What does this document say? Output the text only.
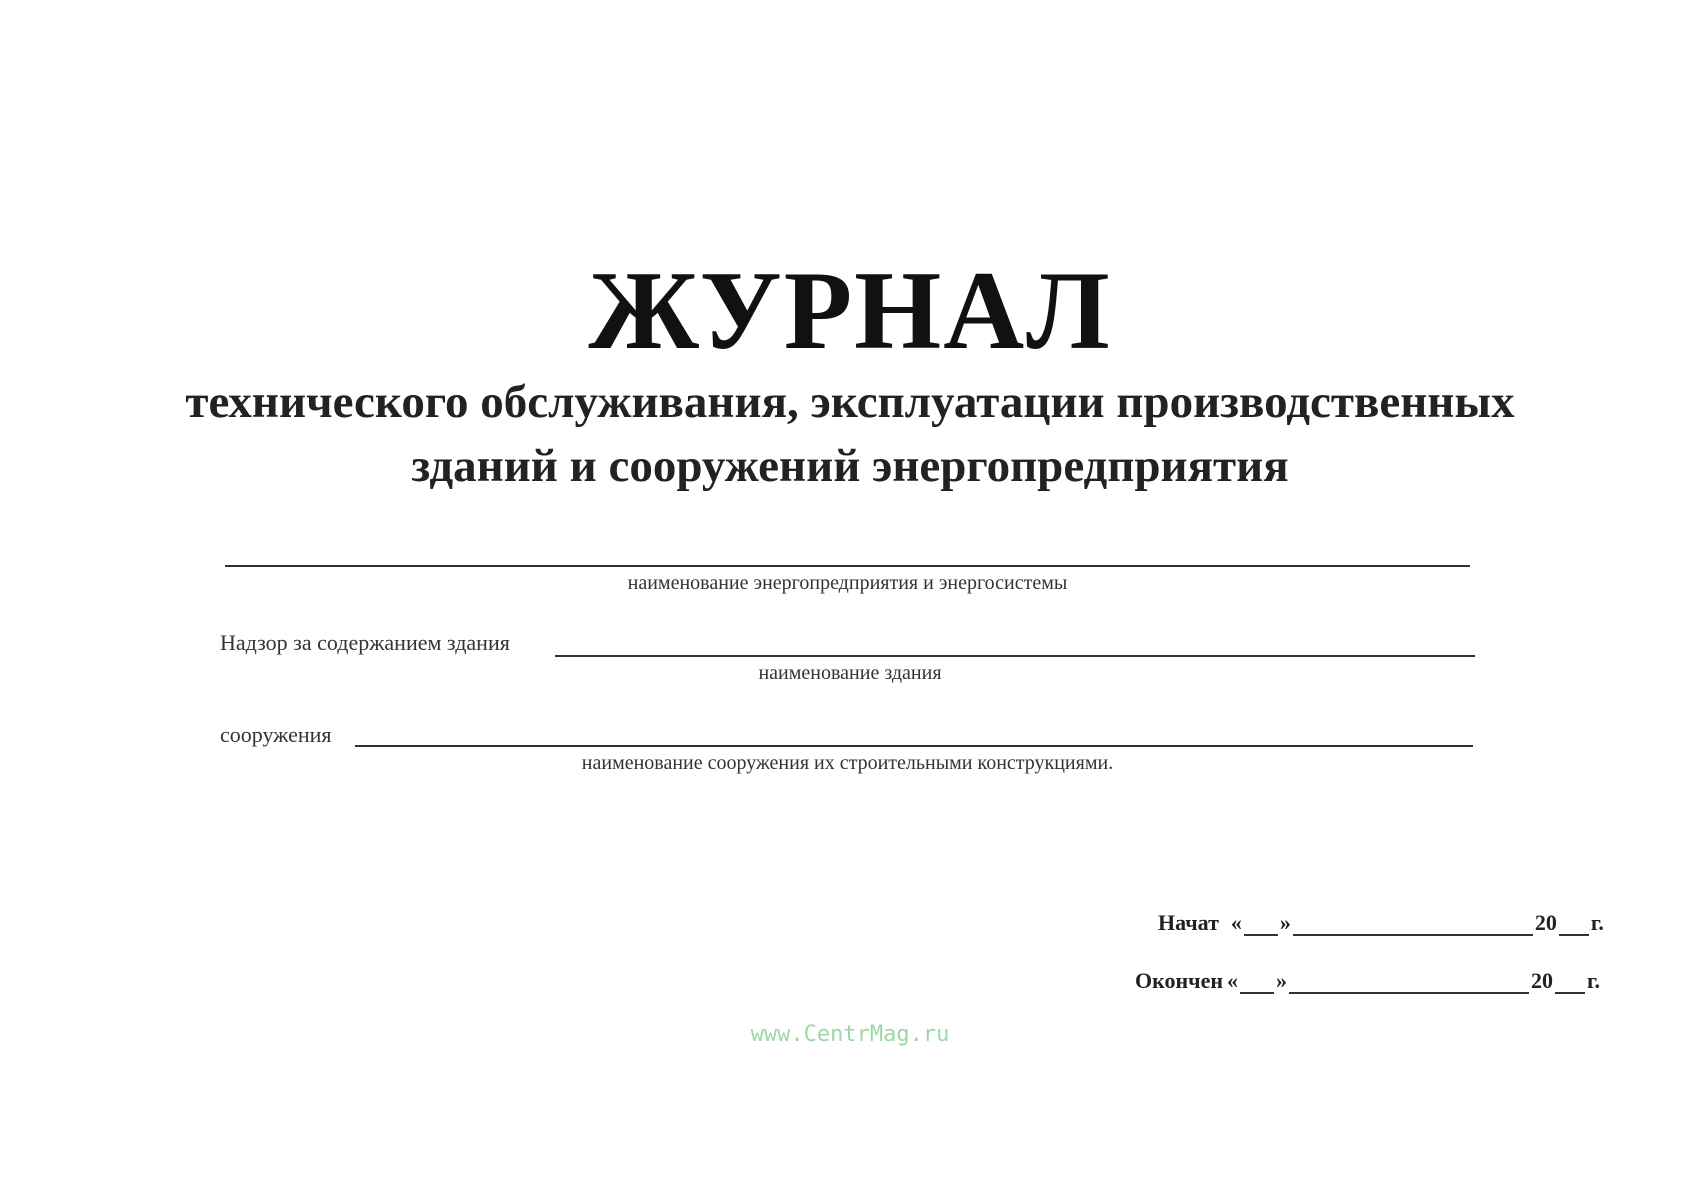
ЖУРНАЛ
технического обслуживания, эксплуатации производственных
зданий и сооружений энергопредприятия
наименование энергопредприятия и энергосистемы
Надзор за содержанием здания
наименование здания
сооружения
наименование сооружения их строительными конструкциями.
Начат « »	20 г.
Окончен « »	20 г.
www.CentrMag.ru
